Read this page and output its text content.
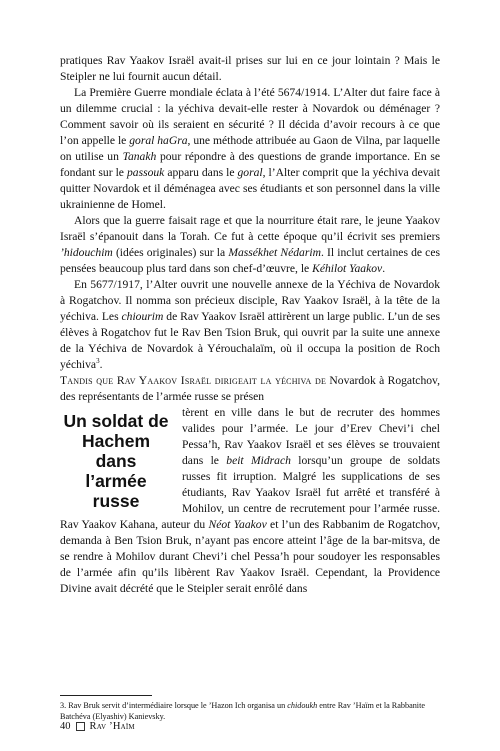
pratiques Rav Yaakov Israël avait-il prises sur lui en ce jour lointain ? Mais le Steipler ne lui fournit aucun détail.

La Première Guerre mondiale éclata à l’été 5674/1914. L’Alter dut faire face à un dilemme crucial : la yéchiva devait-elle rester à Novardok ou déménager ? Comment savoir où ils seraient en sécurité ? Il décida d’avoir recours à ce que l’on appelle le goral haGra, une méthode attribuée au Gaon de Vilna, par laquelle on utilise un Tanakh pour répondre à des questions de grande importance. En se fondant sur le passouk apparu dans le goral, l’Alter comprit que la yéchiva devait quitter Novardok et il déménagea avec ses étudiants et son personnel dans la ville ukrainienne de Homel.

Alors que la guerre faisait rage et que la nourriture était rare, le jeune Yaakov Israël s’épanouit dans la Torah. Ce fut à cette époque qu’il écrivit ses premiers ’hidouchim (idées originales) sur la Massékhet Nédarim. Il inclut certaines de ces pensées beaucoup plus tard dans son chef-d’œuvre, le Kéhilot Yaakov.

En 5677/1917, l’Alter ouvrit une nouvelle annexe de la Yéchiva de Novardok à Rogatchov. Il nomma son précieux disciple, Rav Yaakov Israël, à la tête de la yéchiva. Les chiourim de Rav Yaakov Israël attirèrent un large public. L’un de ses élèves à Rogatchov fut le Rav Ben Tsion Bruk, qui ouvrit par la suite une annexe de la Yéchiva de Novardok à Yérouchalaïm, où il occupa la position de Roch yéchiva$^3$.

Tandis que Rav Yaakov Israël dirigeait la yéchiva de Novardok à Rogatchov, des représentants de l’armée russe se présen

Un soldat de
Hachem dans
l’armée russe
tèrent en ville dans le but de recruter des hommes valides pour l’armée. Le jour d’Erev Chevi’i chel Pessa’h, Rav Yaakov Israël et ses élèves se trouvaient dans le beit Midrach lorsqu’un groupe de soldats russes fit irruption. Malgré les supplications de ses étudiants, Rav Yaakov Israël fut arrêté et transféré à Mohilov, un centre de recrutement pour l’armée russe. Rav Yaakov Kahana, auteur du Néot Yaakov et l’un des Rabbanim de Rogatchov, demanda à Ben Tsion Bruk, n’ayant pas encore atteint l’âge de la bar-mitsva, de se rendre à Mohilov durant Chevi’i chel Pessa’h pour soudoyer les responsables de l’armée afin qu’ils libèrent Rav Yaakov Israël. Cependant, la Providence Divine avait décrété que le Steipler serait enrôlé dans

3. Rav Bruk servit d’intermédiaire lorsque le ’Hazon Ich organisa un chidoukh entre Rav ’Haïm et la Rabbanite Batchéva (Elyashiv) Kanievsky.
40 Rav ’Haïm
